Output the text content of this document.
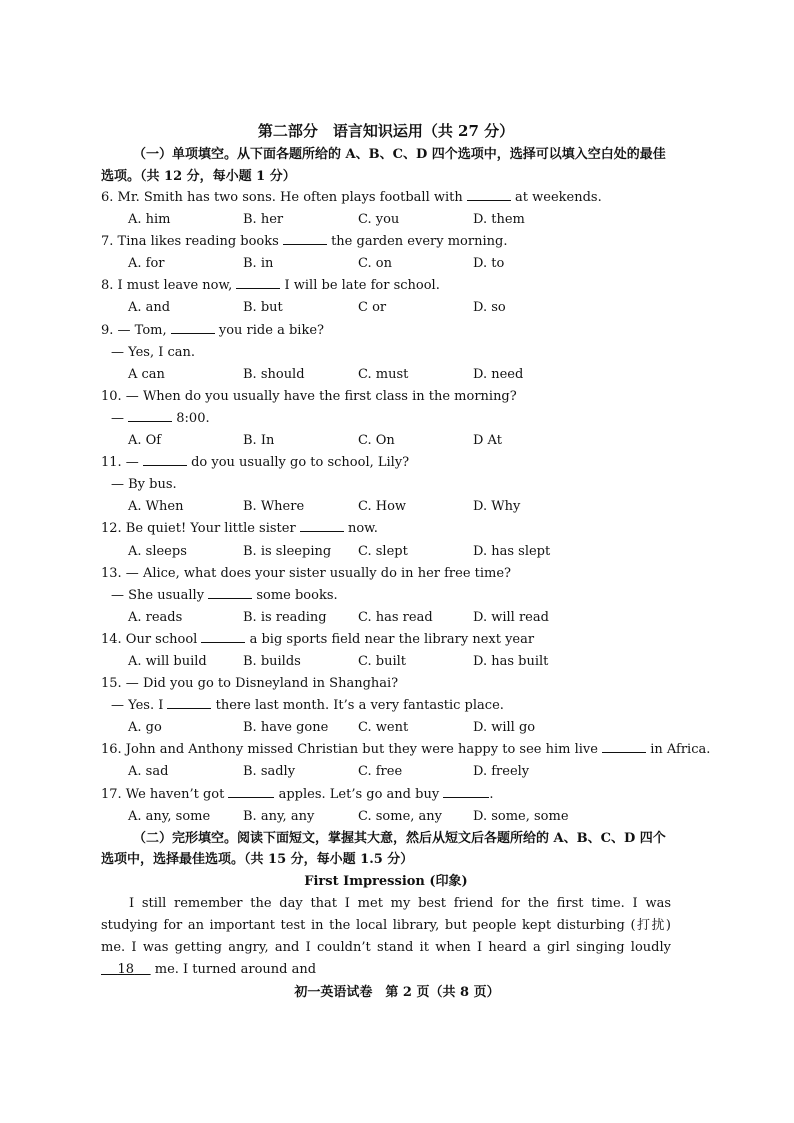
第二部分　语言知识运用（共 27 分）
（一）单项填空。从下面各题所给的 A、B、C、D 四个选项中，选择可以填入空白处的最佳选项。（共 12 分，每小题 1 分）
6. Mr. Smith has two sons. He often plays football with	at weekends.
A. him	B. her	C. you	D. them
7. Tina likes reading books	the garden every morning.
A. for	B. in	C. on	D. to
8. I must leave now,	I will be late for school.
A. and	B. but	C or	D. so
9. — Tom,	you ride a bike?
— Yes, I can.
A can	B. should	C. must	D. need
10. — When do you usually have the first class in the morning?
—	8:00.
A. Of	B. In	C. On	D At
11. —	do you usually go to school, Lily?
— By bus.
A. When	B. Where	C. How	D. Why
12. Be quiet! Your little sister	now.
A. sleeps	B. is sleeping	C. slept	D. has slept
13. — Alice, what does your sister usually do in her free time?
— She usually	some books.
A. reads	B. is reading	C. has read	D. will read
14. Our school	a big sports field near the library next year
A. will build	B. builds	C. built	D. has built
15. — Did you go to Disneyland in Shanghai?
— Yes. I	there last month. It’s a very fantastic place.
A. go	B. have gone	C. went	D. will go
16. John and Anthony missed Christian but they were happy to see him live	in Africa.
A. sad	B. sadly	C. free	D. freely
17. We haven’t got	apples. Let’s go and buy	.
A. any, some	B. any, any	C. some, any	D. some, some
（二）完形填空。阅读下面短文，掌握其大意，然后从短文后各题所给的 A、B、C、D 四个选项中，选择最佳选项。（共 15 分，每小题 1.5 分）
First Impression (印象)
I still remember the day that I met my best friend for the first time. I was studying for an important test in the local library, but people kept disturbing (打扰) me. I was getting angry, and I couldn’t stand it when I heard a girl singing loudly     18     me. I turned around and
初一英语试卷　第 2 页（共 8 页）
